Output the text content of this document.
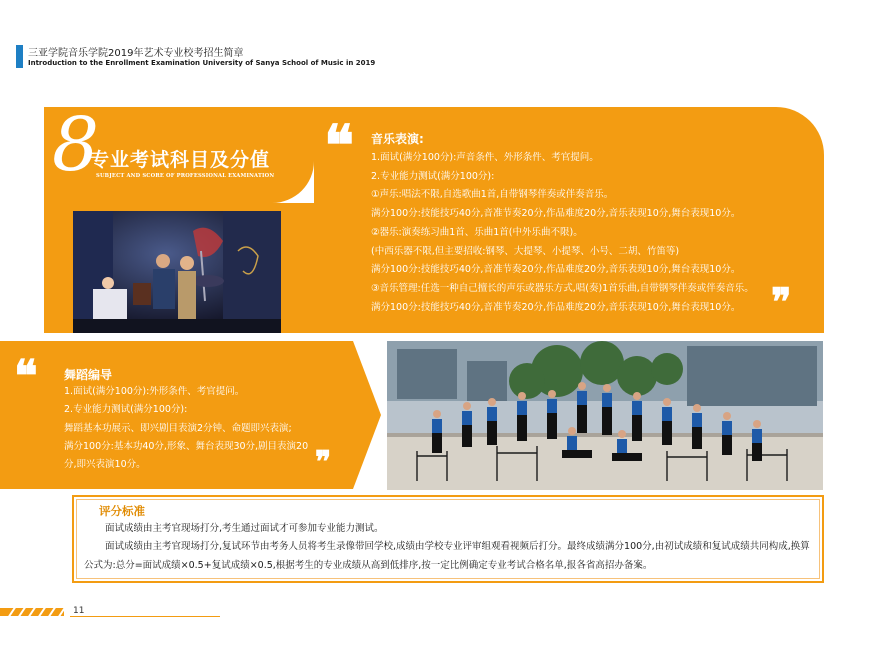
三亚学院音乐学院2019年艺术专业校考招生简章
Introduction to the Enrollment Examination University of Sanya School of Music in 2019
8
专业考试科目及分值
SUBJECT AND SCORE OF PROFESSIONAL EXAMINATION ❝ 音乐表演:
1.面试(满分100分):声音条件、外形条件、考官提问。
2.专业能力测试(满分100分):
①声乐:唱法不限,自选歌曲1首,自带钢琴伴奏或伴奏音乐。
满分100分:技能技巧40分,音准节奏20分,作品难度20分,音乐表现10分,舞台表现10分。
②器乐:演奏练习曲1首、乐曲1首(中外乐曲不限)。
(中西乐器不限,但主要招收:钢琴、大提琴、小提琴、小号、二胡、竹笛等)
满分100分:技能技巧40分,音准节奏20分,作品难度20分,音乐表现10分,舞台表现10分。
③音乐管理:任选一种自己擅长的声乐或器乐方式,唱(奏)1首乐曲,自带钢琴伴奏或伴奏音乐。
满分100分:技能技巧40分,音准节奏20分,作品难度20分,音乐表现10分,舞台表现10分。 ❞
❝ 舞蹈编导
1.面试(满分100分):外形条件、考官提问。
2.专业能力测试(满分100分):
舞蹈基本功展示、即兴剧目表演2分钟、命题即兴表演;
满分100分:基本功40分,形象、舞台表现30分,剧目表演20
分,即兴表演10分。	❞
评分标准
面试成绩由主考官现场打分,考生通过面试才可参加专业能力测试。
面试成绩由主考官现场打分,复试环节由考务人员将考生录像带回学校,成绩由学校专业评审组观看视频后打分。最终成绩满分100分,由初试成绩和复试成绩共同构成,换算公式为:总分=面试成绩×0.5+复试成绩×0.5,根据考生的专业成绩从高到低排序,按一定比例确定专业考试合格名单,报各省高招办备案。
11
